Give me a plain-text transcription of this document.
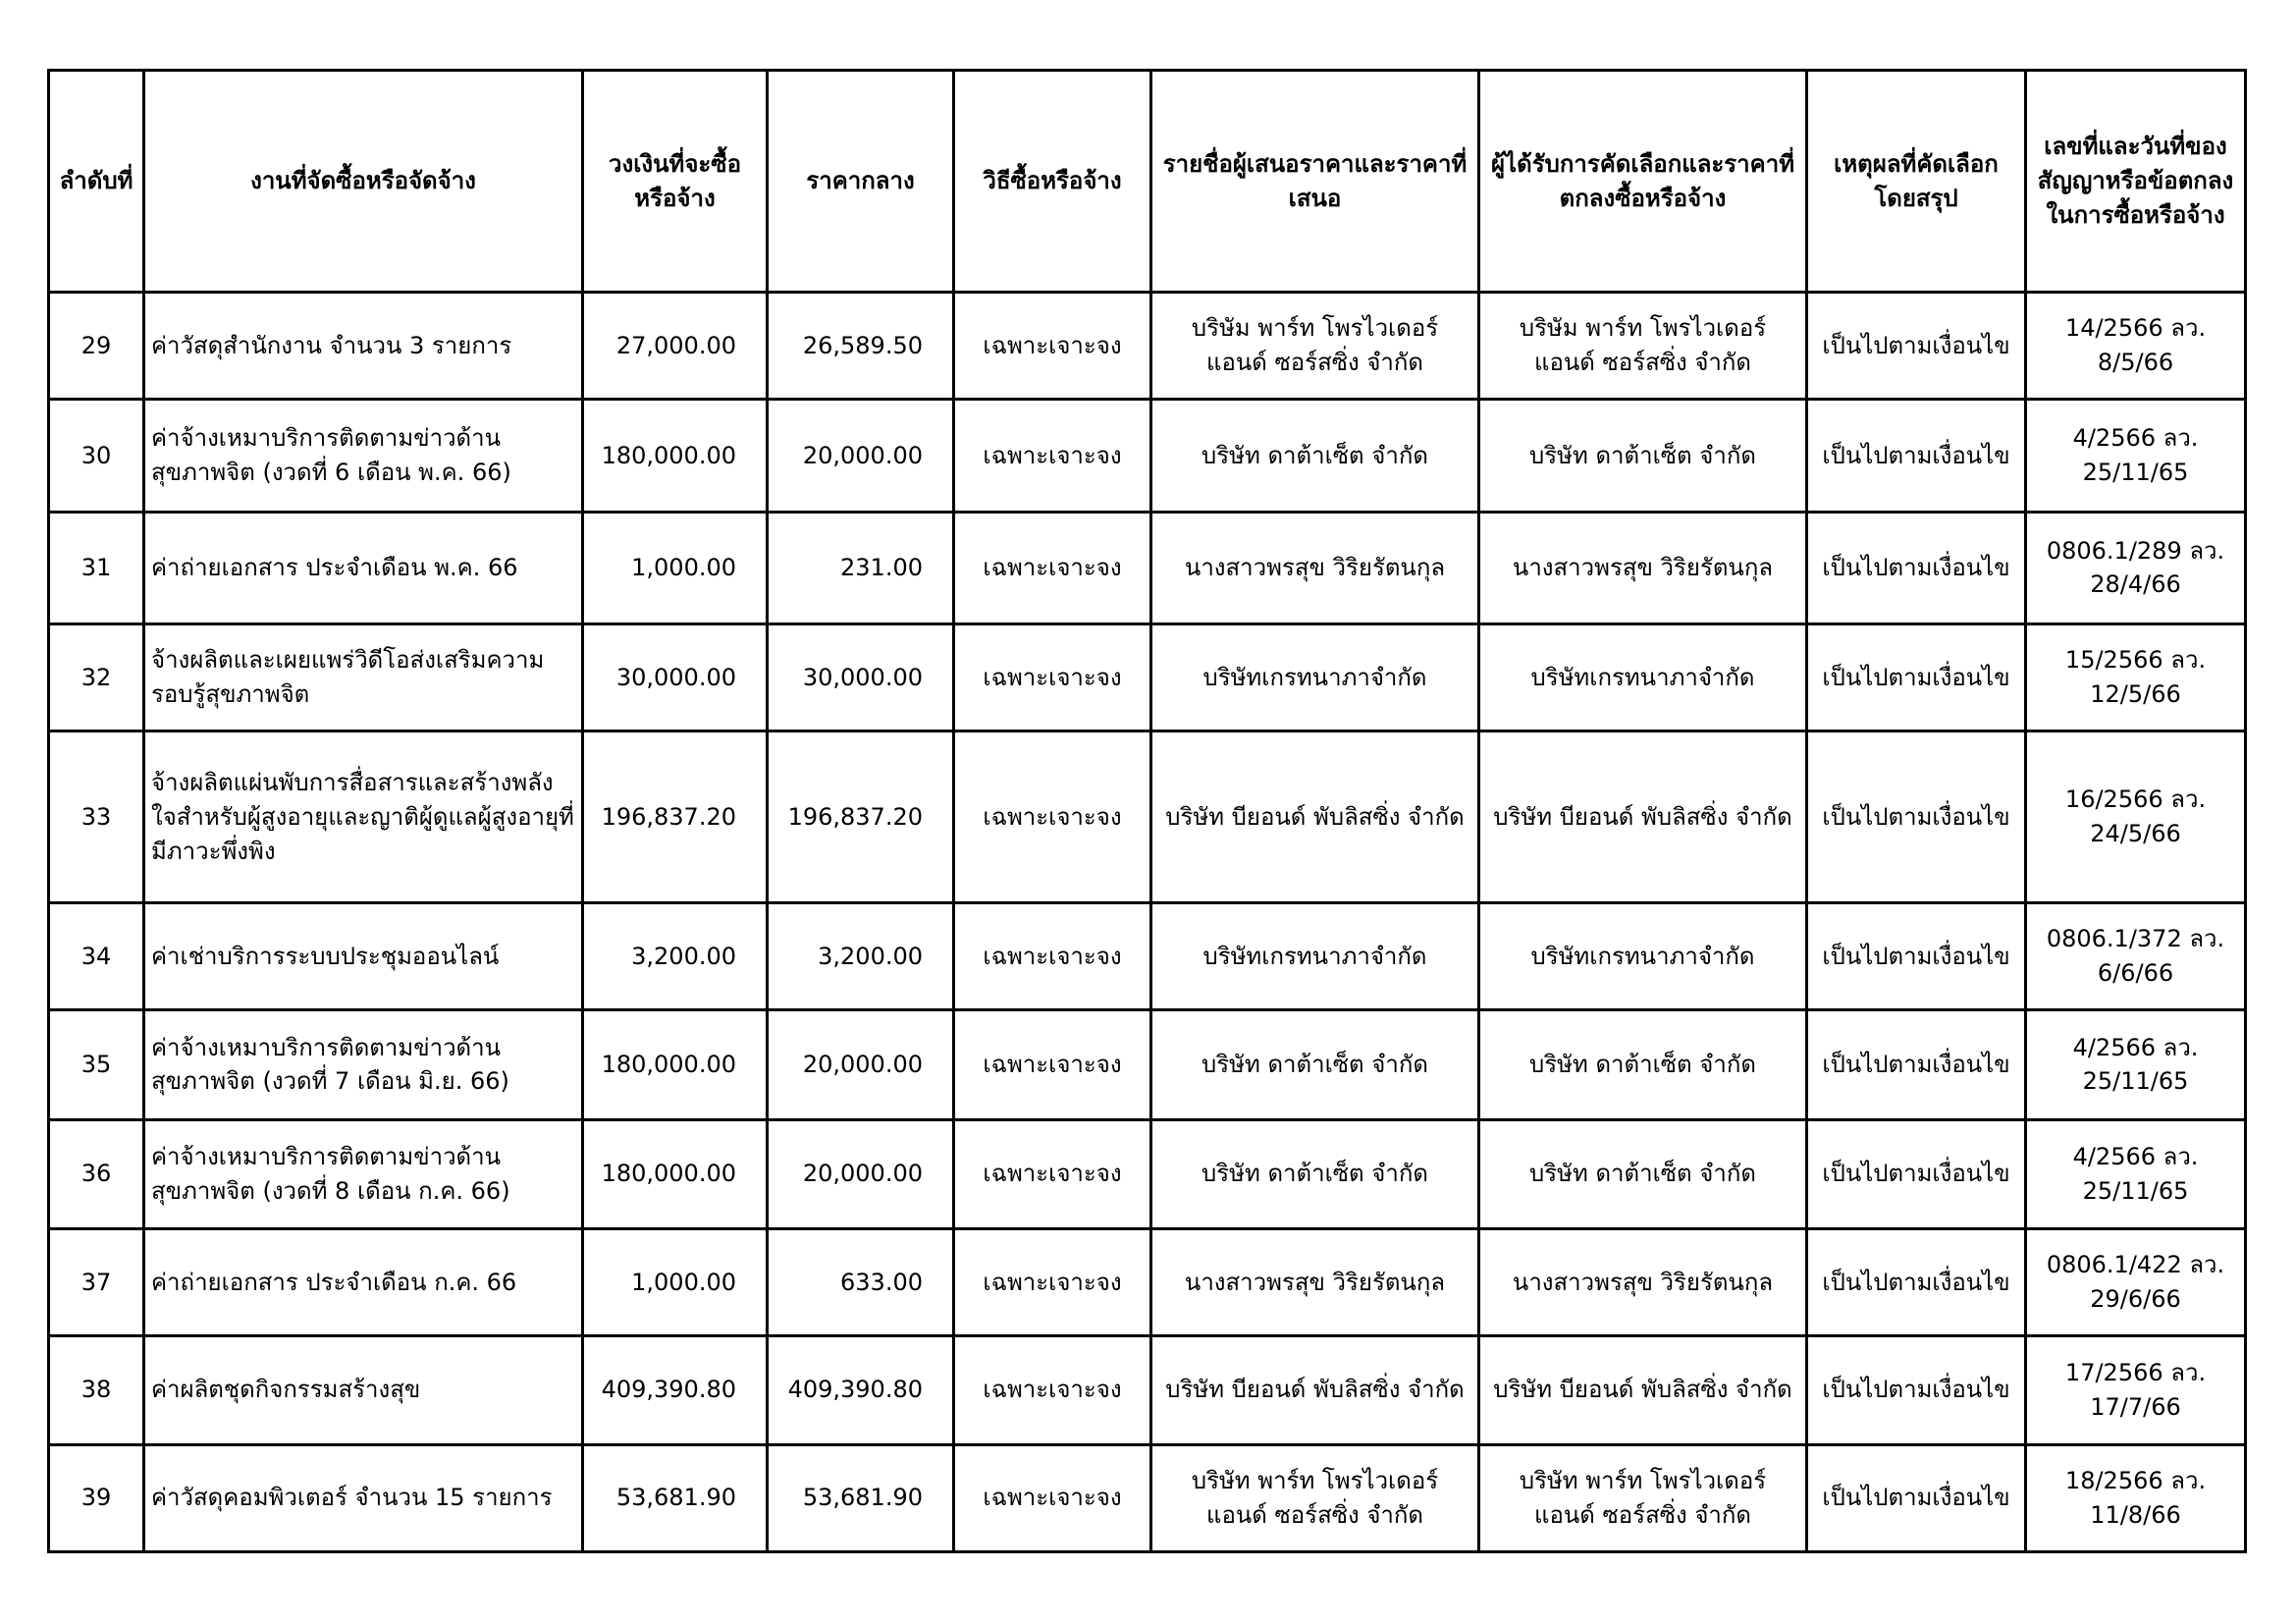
ลำดับที่	งานที่จัดซื้อหรือจัดจ้าง	วงเงินที่จะซื้อหรือจ้าง	ราคากลาง	วิธีซื้อหรือจ้าง	รายชื่อผู้เสนอราคาและราคาที่เสนอ	ผู้ได้รับการคัดเลือกและราคาที่ตกลงซื้อหรือจ้าง	เหตุผลที่คัดเลือกโดยสรุป	เลขที่และวันที่ของสัญญาหรือข้อตกลงในการซื้อหรือจ้าง
29	ค่าวัสดุสำนักงาน จำนวน 3 รายการ	27,000.00	26,589.50	เฉพาะเจาะจง	บริษัม พาร์ท โพรไวเดอร์ แอนด์ ซอร์สซิ่ง จำกัด	บริษัม พาร์ท โพรไวเดอร์ แอนด์ ซอร์สซิ่ง จำกัด	เป็นไปตามเงื่อนไข	14/2566 ลว. 8/5/66
30	ค่าจ้างเหมาบริการติดตามข่าวด้านสุขภาพจิต (งวดที่ 6 เดือน พ.ค. 66)	180,000.00	20,000.00	เฉพาะเจาะจง	บริษัท ดาต้าเซ็ต จำกัด	บริษัท ดาต้าเซ็ต จำกัด	เป็นไปตามเงื่อนไข	4/2566 ลว. 25/11/65
31	ค่าถ่ายเอกสาร ประจำเดือน พ.ค. 66	1,000.00	231.00	เฉพาะเจาะจง	นางสาวพรสุข วิริยรัตนกุล	นางสาวพรสุข วิริยรัตนกุล	เป็นไปตามเงื่อนไข	0806.1/289 ลว. 28/4/66
32	จ้างผลิตและเผยแพร่วิดีโอส่งเสริมความรอบรู้สุขภาพจิต	30,000.00	30,000.00	เฉพาะเจาะจง	บริษัทเกรทนาภาจำกัด	บริษัทเกรทนาภาจำกัด	เป็นไปตามเงื่อนไข	15/2566 ลว. 12/5/66
33	จ้างผลิตแผ่นพับการสื่อสารและสร้างพลังใจสำหรับผู้สูงอายุและญาติผู้ดูแลผู้สูงอายุที่มีภาวะพึ่งพิง	196,837.20	196,837.20	เฉพาะเจาะจง	บริษัท บียอนด์ พับลิสซิ่ง จำกัด	บริษัท บียอนด์ พับลิสซิ่ง จำกัด	เป็นไปตามเงื่อนไข	16/2566 ลว. 24/5/66
34	ค่าเช่าบริการระบบประชุมออนไลน์	3,200.00	3,200.00	เฉพาะเจาะจง	บริษัทเกรทนาภาจำกัด	บริษัทเกรทนาภาจำกัด	เป็นไปตามเงื่อนไข	0806.1/372 ลว. 6/6/66
35	ค่าจ้างเหมาบริการติดตามข่าวด้านสุขภาพจิต (งวดที่ 7 เดือน มิ.ย. 66)	180,000.00	20,000.00	เฉพาะเจาะจง	บริษัท ดาต้าเซ็ต จำกัด	บริษัท ดาต้าเซ็ต จำกัด	เป็นไปตามเงื่อนไข	4/2566 ลว. 25/11/65
36	ค่าจ้างเหมาบริการติดตามข่าวด้านสุขภาพจิต (งวดที่ 8 เดือน ก.ค. 66)	180,000.00	20,000.00	เฉพาะเจาะจง	บริษัท ดาต้าเซ็ต จำกัด	บริษัท ดาต้าเซ็ต จำกัด	เป็นไปตามเงื่อนไข	4/2566 ลว. 25/11/65
37	ค่าถ่ายเอกสาร ประจำเดือน ก.ค. 66	1,000.00	633.00	เฉพาะเจาะจง	นางสาวพรสุข วิริยรัตนกุล	นางสาวพรสุข วิริยรัตนกุล	เป็นไปตามเงื่อนไข	0806.1/422 ลว. 29/6/66
38	ค่าผลิตชุดกิจกรรมสร้างสุข	409,390.80	409,390.80	เฉพาะเจาะจง	บริษัท บียอนด์ พับลิสซิ่ง จำกัด	บริษัท บียอนด์ พับลิสซิ่ง จำกัด	เป็นไปตามเงื่อนไข	17/2566 ลว. 17/7/66
39	ค่าวัสดุคอมพิวเตอร์ จำนวน 15 รายการ	53,681.90	53,681.90	เฉพาะเจาะจง	บริษัท พาร์ท โพรไวเดอร์ แอนด์ ซอร์สซิ่ง จำกัด	บริษัท พาร์ท โพรไวเดอร์ แอนด์ ซอร์สซิ่ง จำกัด	เป็นไปตามเงื่อนไข	18/2566 ลว. 11/8/66
